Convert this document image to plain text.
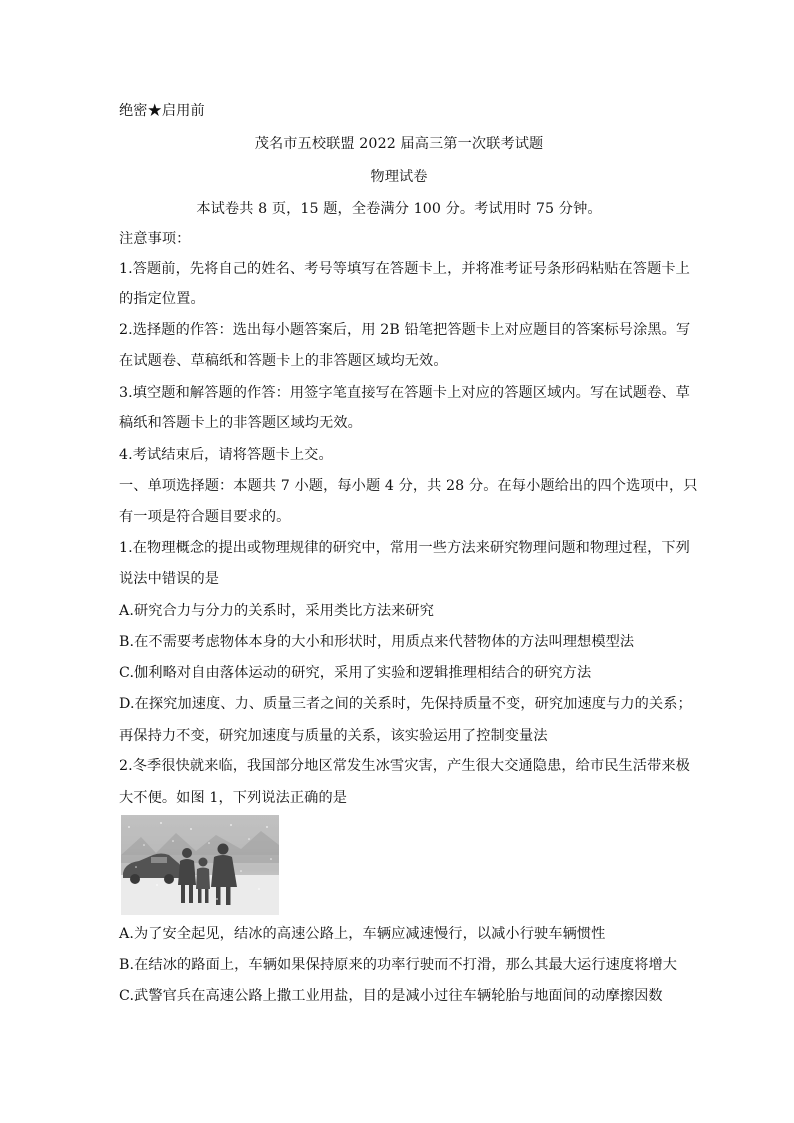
绝密★启用前
茂名市五校联盟 2022 届高三第一次联考试题
物理试卷
本试卷共 8 页，15 题，全卷满分 100 分。考试用时 75 分钟。
注意事项：
1.答题前，先将自己的姓名、考号等填写在答题卡上，并将准考证号条形码粘贴在答题卡上
的指定位置。
2.选择题的作答：选出每小题答案后，用 2B 铅笔把答题卡上对应题目的答案标号涂黑。写
在试题卷、草稿纸和答题卡上的非答题区域均无效。
3.填空题和解答题的作答：用签字笔直接写在答题卡上对应的答题区域内。写在试题卷、草
稿纸和答题卡上的非答题区域均无效。
4.考试结束后，请将答题卡上交。
一、单项选择题：本题共 7 小题，每小题 4 分，共 28 分。在每小题给出的四个选项中，只
有一项是符合题目要求的。
1.在物理概念的提出或物理规律的研究中，常用一些方法来研究物理问题和物理过程，下列
说法中错误的是
A.研究合力与分力的关系时，采用类比方法来研究
B.在不需要考虑物体本身的大小和形状时，用质点来代替物体的方法叫理想模型法
C.伽利略对自由落体运动的研究，采用了实验和逻辑推理相结合的研究方法
D.在探究加速度、力、质量三者之间的关系时，先保持质量不变，研究加速度与力的关系；
再保持力不变，研究加速度与质量的关系，该实验运用了控制变量法
2.冬季很快就来临，我国部分地区常发生冰雪灾害，产生很大交通隐患，给市民生活带来极
大不便。如图 1，下列说法正确的是
A.为了安全起见，结冰的高速公路上，车辆应减速慢行，以减小行驶车辆惯性
B.在结冰的路面上，车辆如果保持原来的功率行驶而不打滑，那么其最大运行速度将增大
C.武警官兵在高速公路上撒工业用盐，目的是减小过往车辆轮胎与地面间的动摩擦因数
